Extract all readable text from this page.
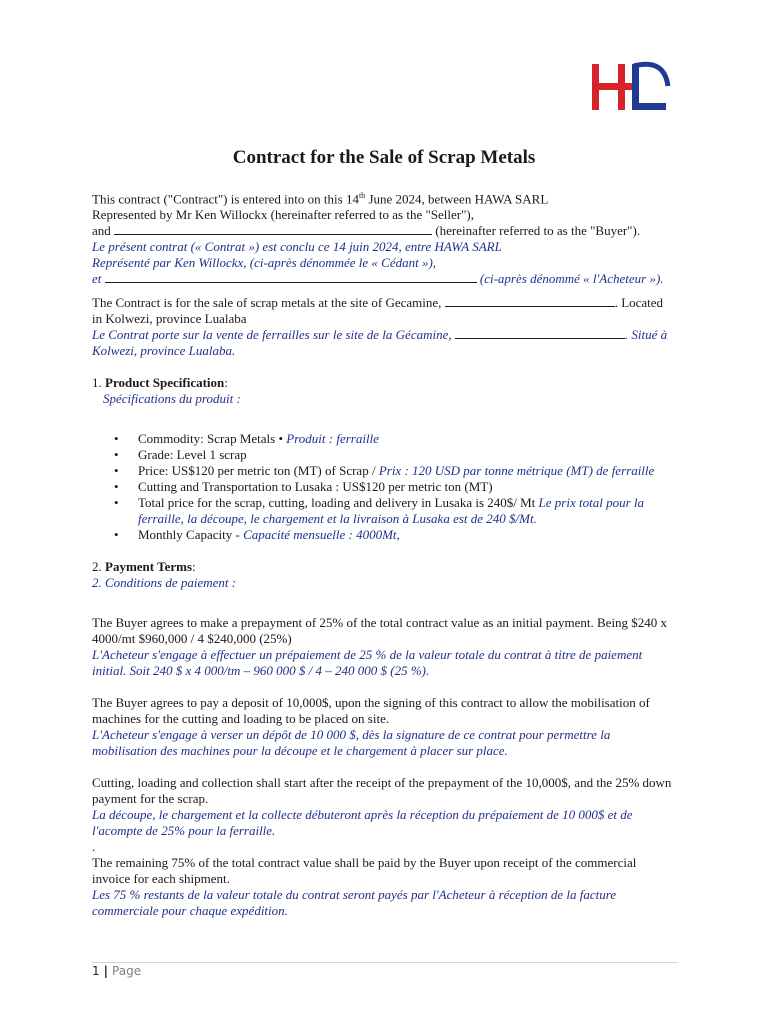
Contract for the Sale of Scrap Metals

This contract ("Contract") is entered into on this 14th June 2024, between HAWA SARL

Represented by Mr Ken Willockx (hereinafter referred to as the "Seller"),

and	(hereinafter referred to as the "Buyer").

Le présent contrat (« Contrat ») est conclu ce 14 juin 2024, entre HAWA SARL

Représenté par Ken Willockx, (ci-après dénommée le « Cédant »),

et	(ci-après dénommé « l'Acheteur »).

The Contract is for the sale of scrap metals at the site of Gecamine,	. Located in Kolwezi, province Lualaba

Le Contrat porte sur la vente de ferrailles sur le site de la Gécamine,	. Situé à Kolwezi, province Lualaba.

1. Product Specification:

Spécifications du produit :

• Commodity: Scrap Metals • Produit : ferraille
• Grade: Level 1 scrap
• Price: US$120 per metric ton (MT) of Scrap / Prix : 120 USD par tonne métrique (MT) de ferraille
• Cutting and Transportation to Lusaka : US$120 per metric ton (MT)
• Total price for the scrap, cutting, loading and delivery in Lusaka is 240$/ Mt Le prix total pour la ferraille, la découpe, le chargement et la livraison à Lusaka est de 240 $/Mt.
• Monthly Capacity - Capacité mensuelle : 4000Mt,

2. Payment Terms:

2. Conditions de paiement :

The Buyer agrees to make a prepayment of 25% of the total contract value as an initial payment. Being $240 x 4000/mt $960,000 / 4 $240,000 (25%)

L'Acheteur s'engage à effectuer un prépaiement de 25 % de la valeur totale du contrat à titre de paiement initial. Soit 240 $ x 4 000/tm – 960 000 $ / 4 – 240 000 $ (25 %).

The Buyer agrees to pay a deposit of 10,000$, upon the signing of this contract to allow the mobilisation of machines for the cutting and loading to be placed on site.

L'Acheteur s'engage à verser un dépôt de 10 000 $, dès la signature de ce contrat pour permettre la mobilisation des machines pour la découpe et le chargement à placer sur place.

Cutting, loading and collection shall start after the receipt of the prepayment of the 10,000$, and the 25% down payment for the scrap.

La découpe, le chargement et la collecte débuteront après la réception du prépaiement de 10 000$ et de l'acompte de 25% pour la ferraille.

.

The remaining 75% of the total contract value shall be paid by the Buyer upon receipt of the commercial invoice for each shipment.

Les 75 % restants de la valeur totale du contrat seront payés par l'Acheteur à réception de la facture commerciale pour chaque expédition.

1 | Page
